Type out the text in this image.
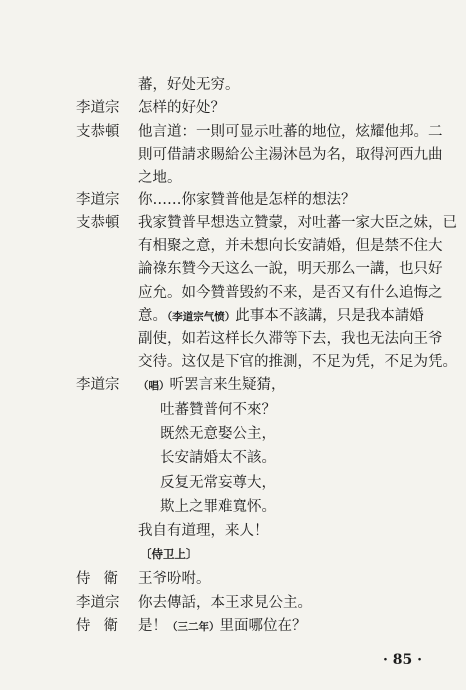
蕃，好处无穷。
李道宗	怎样的好处？
支恭頓	他言道：一則可显示吐蕃的地位，炫耀他邦。二
則可借請求賜給公主湯沐邑为名，取得河西九曲
之地。
李道宗	你……你家贊普他是怎样的想法？
支恭頓	我家贊普早想迭立贊蒙，对吐蕃一家大臣之妹，已
有相聚之意，并未想向长安請婚，但是禁不住大
論祿东贊今天这么一說，明天那么一講，也只好
应允。如今贊普毁約不来，是否又有什么追悔之
意。（李道宗气愤）此事本不該講，只是我本請婚
副使，如若这样长久滞等下去，我也无法向王爷
交待。这仅是下官的推測，不足为凭，不足为凭。
李道宗	（唱）听罢言来生疑猜，
吐蕃贊普何不來？
既然无意娶公主，
长安請婚太不該。
反复无常妄尊大，
欺上之罪难寬怀。
我自有道理，来人！
〔侍卫上〕
侍衛 王爷吩咐。
李道宗	你去傳話，本王求見公主。
侍衛 是！（三二年）里面哪位在？
· 85 ·
